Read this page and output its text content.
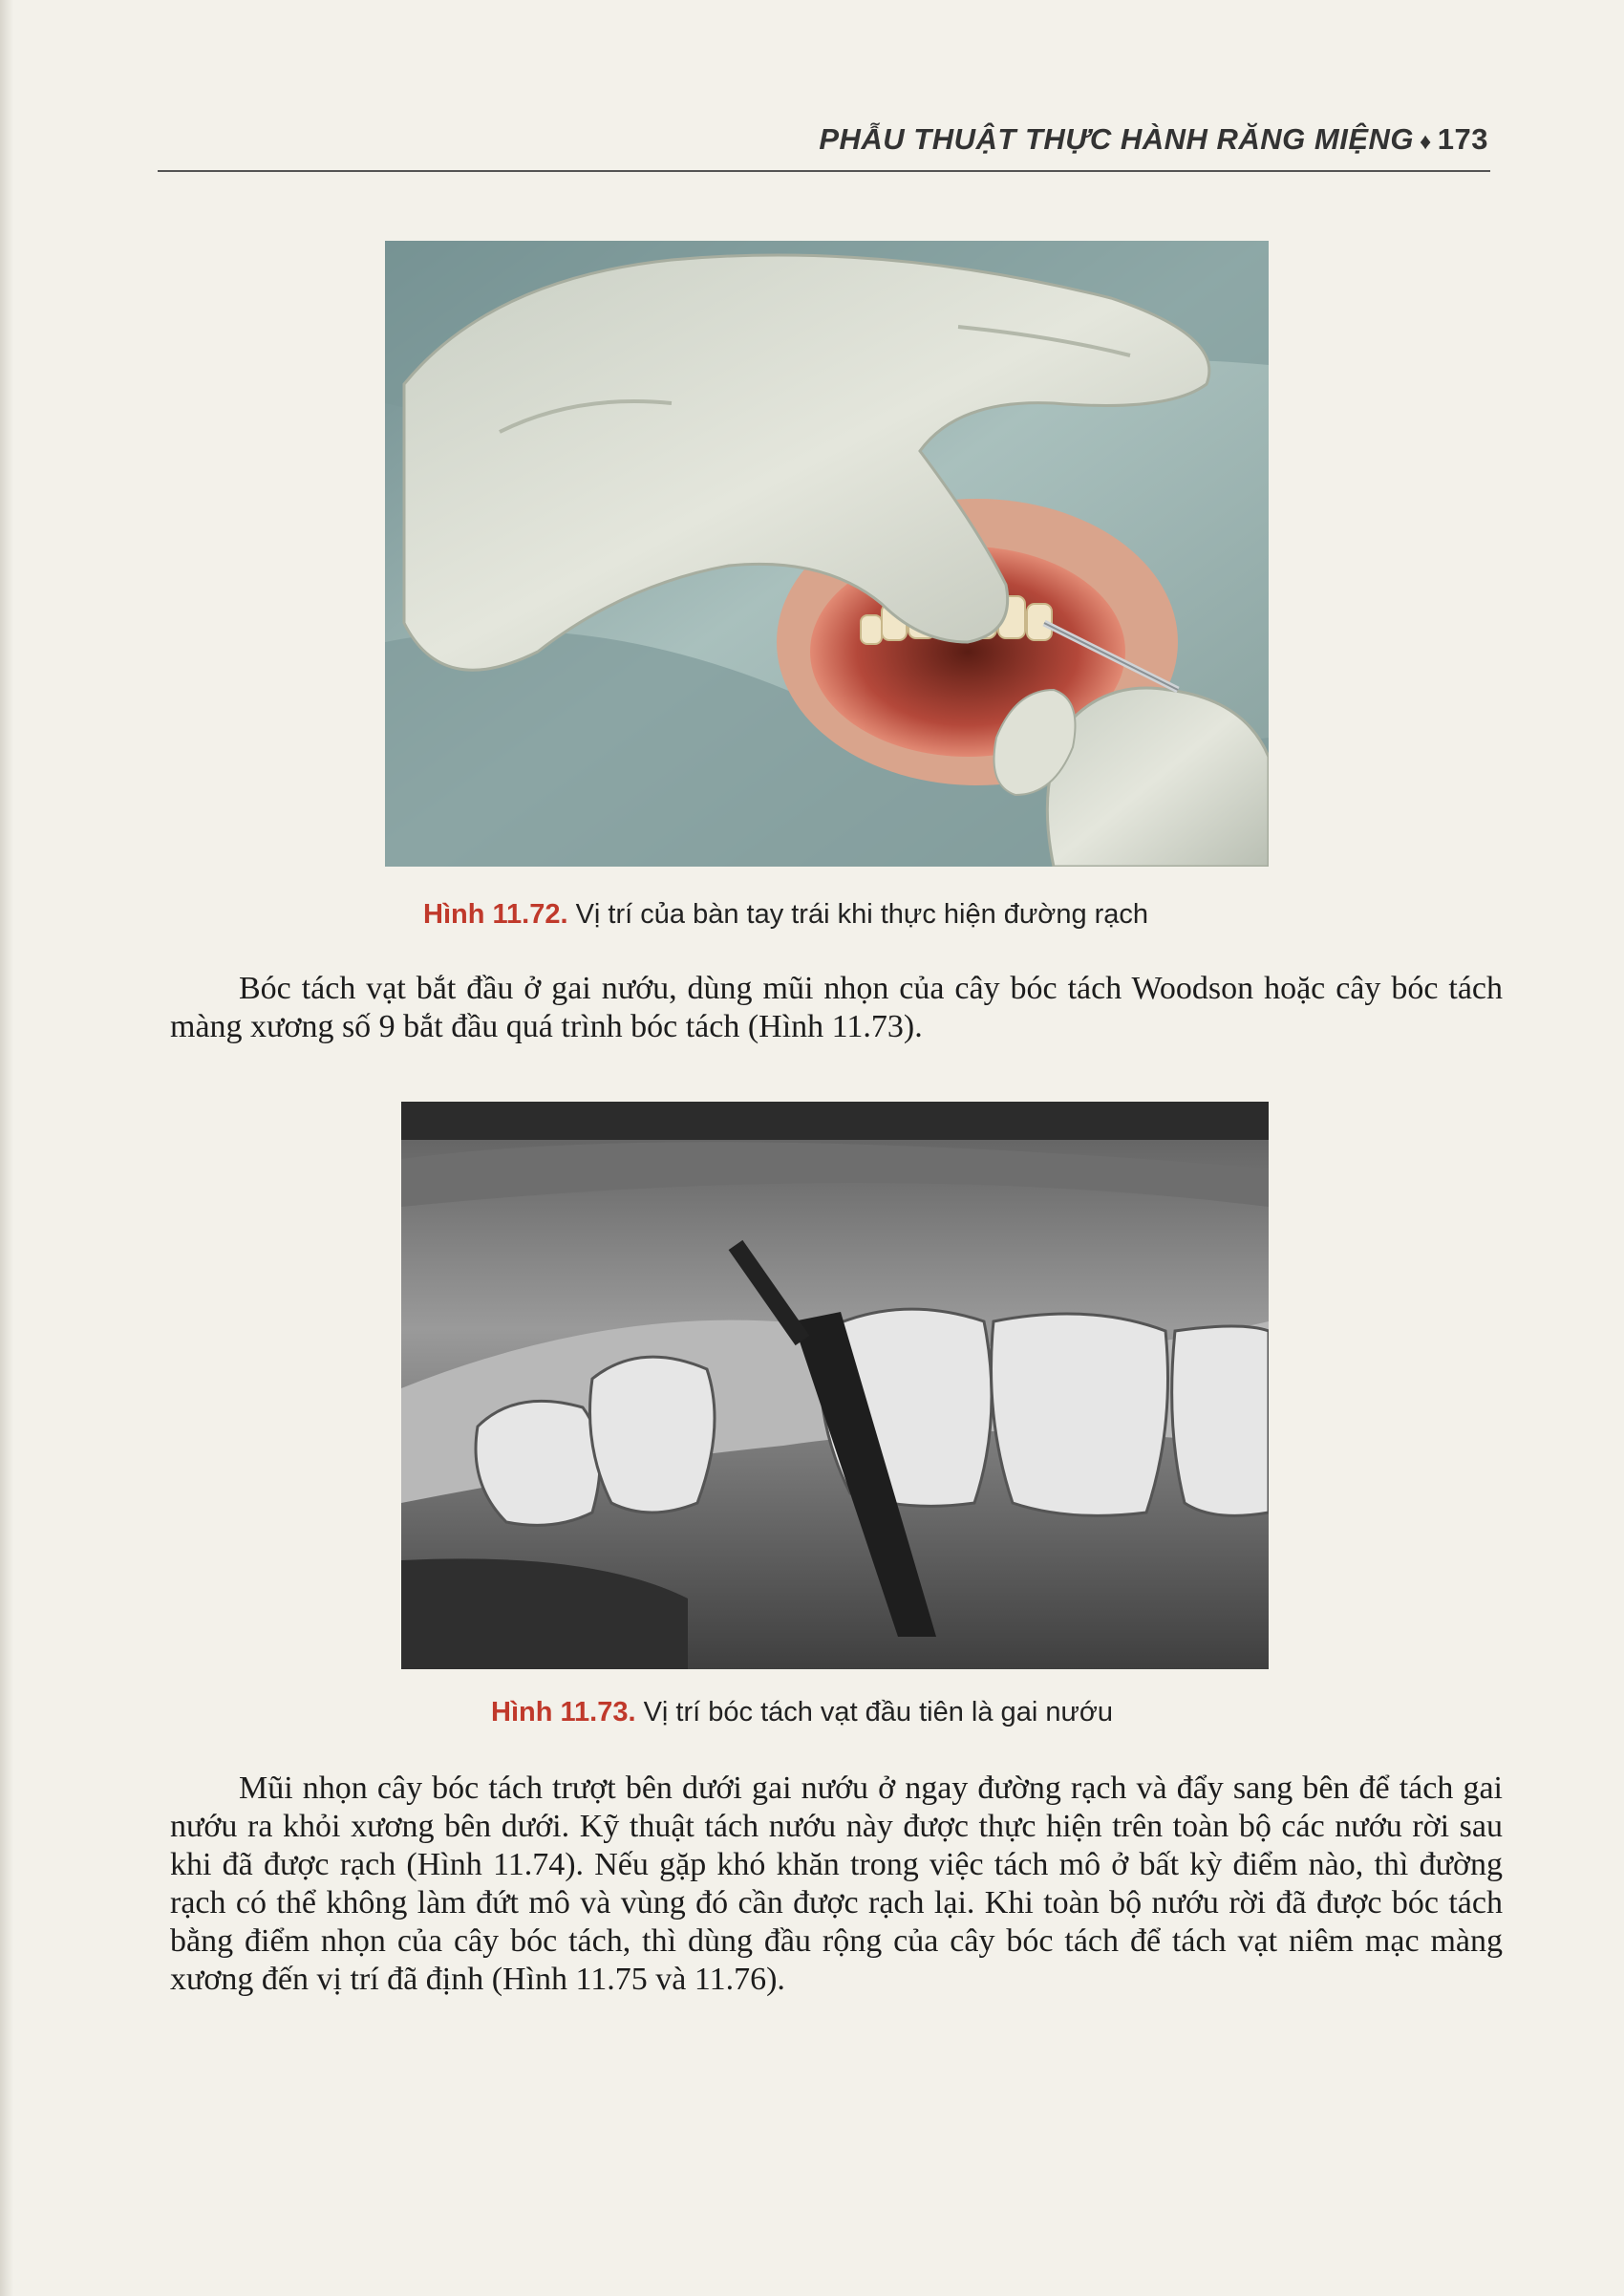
PHẪU THUẬT THỰC HÀNH RĂNG MIỆNG ♦ 173
Hình 11.72. Vị trí của bàn tay trái khi thực hiện đường rạch

Bóc tách vạt bắt đầu ở gai nướu, dùng mũi nhọn của cây bóc tách Woodson hoặc cây bóc tách màng xương số 9 bắt đầu quá trình bóc tách (Hình 11.73).

Hình 11.73. Vị trí bóc tách vạt đầu tiên là gai nướu

Mũi nhọn cây bóc tách trượt bên dưới gai nướu ở ngay đường rạch và đẩy sang bên để tách gai nướu ra khỏi xương bên dưới. Kỹ thuật tách nướu này được thực hiện trên toàn bộ các nướu rời sau khi đã được rạch (Hình 11.74). Nếu gặp khó khăn trong việc tách mô ở bất kỳ điểm nào, thì đường rạch có thể không làm đứt mô và vùng đó cần được rạch lại. Khi toàn bộ nướu rời đã được bóc tách bằng điểm nhọn của cây bóc tách, thì dùng đầu rộng của cây bóc tách để tách vạt niêm mạc màng xương đến vị trí đã định (Hình 11.75 và 11.76).
